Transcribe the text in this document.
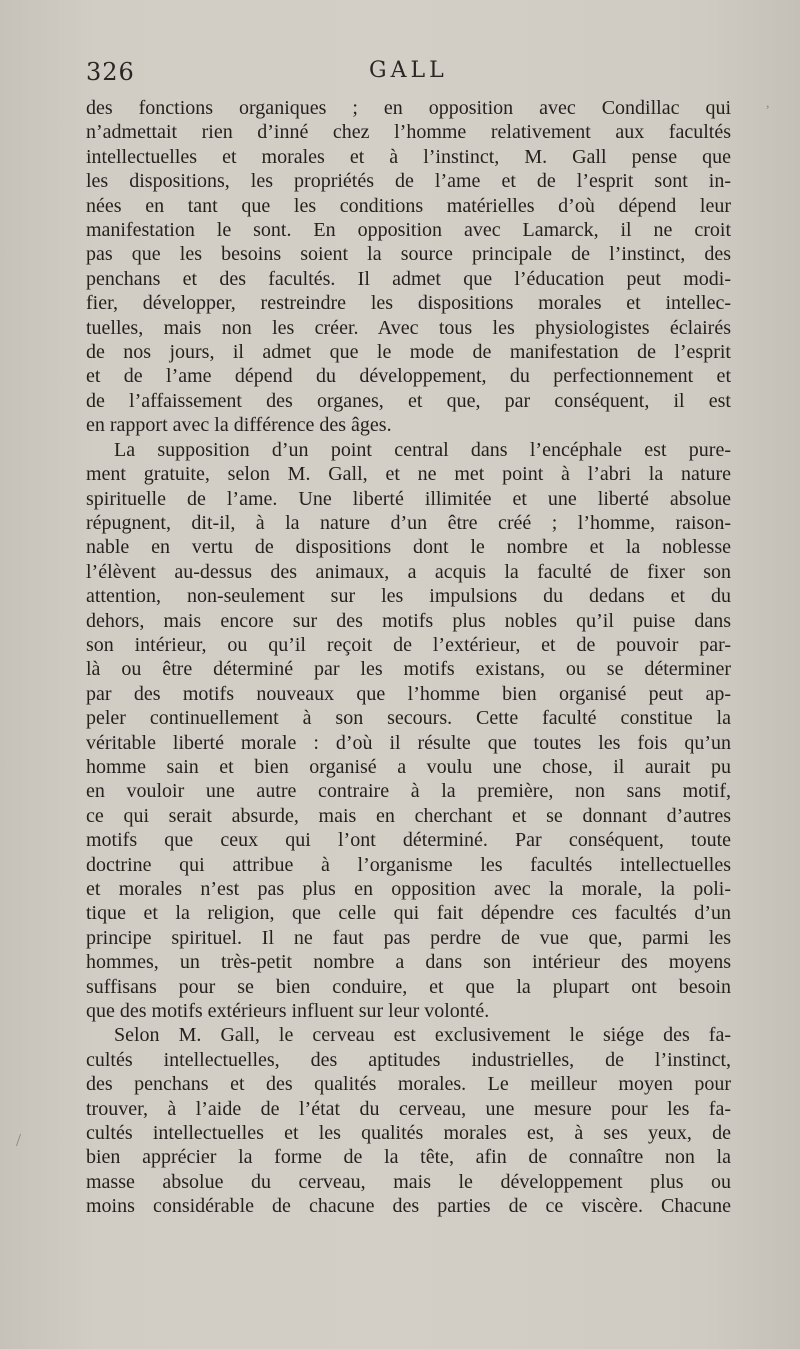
326	GALL
des fonctions organiques ; en opposition avec Condillac qui
n’admettait rien d’inné chez l’homme relativement aux facultés
intellectuelles et morales et à l’instinct, M. Gall pense que
les dispositions, les propriétés de l’ame et de l’esprit sont in-
nées en tant que les conditions matérielles d’où dépend leur
manifestation le sont. En opposition avec Lamarck, il ne croit
pas que les besoins soient la source principale de l’instinct, des
penchans et des facultés. Il admet que l’éducation peut modi-
fier, développer, restreindre les dispositions morales et intellec-
tuelles, mais non les créer. Avec tous les physiologistes éclairés
de nos jours, il admet que le mode de manifestation de l’esprit
et de l’ame dépend du développement, du perfectionnement et
de l’affaissement des organes, et que, par conséquent, il est
en rapport avec la différence des âges.
La supposition d’un point central dans l’encéphale est pure-
ment gratuite, selon M. Gall, et ne met point à l’abri la nature
spirituelle de l’ame. Une liberté illimitée et une liberté absolue
répugnent, dit-il, à la nature d’un être créé ; l’homme, raison-
nable en vertu de dispositions dont le nombre et la noblesse
l’élèvent au-dessus des animaux, a acquis la faculté de fixer son
attention, non-seulement sur les impulsions du dedans et du
dehors, mais encore sur des motifs plus nobles qu’il puise dans
son intérieur, ou qu’il reçoit de l’extérieur, et de pouvoir par-
là ou être déterminé par les motifs existans, ou se déterminer
par des motifs nouveaux que l’homme bien organisé peut ap-
peler continuellement à son secours. Cette faculté constitue la
véritable liberté morale : d’où il résulte que toutes les fois qu’un
homme sain et bien organisé a voulu une chose, il aurait pu
en vouloir une autre contraire à la première, non sans motif,
ce qui serait absurde, mais en cherchant et se donnant d’autres
motifs que ceux qui l’ont déterminé. Par conséquent, toute
doctrine qui attribue à l’organisme les facultés intellectuelles
et morales n’est pas plus en opposition avec la morale, la poli-
tique et la religion, que celle qui fait dépendre ces facultés d’un
principe spirituel. Il ne faut pas perdre de vue que, parmi les
hommes, un très-petit nombre a dans son intérieur des moyens
suffisans pour se bien conduire, et que la plupart ont besoin
que des motifs extérieurs influent sur leur volonté.
Selon M. Gall, le cerveau est exclusivement le siége des fa-
cultés intellectuelles, des aptitudes industrielles, de l’instinct,
des penchans et des qualités morales. Le meilleur moyen pour
trouver, à l’aide de l’état du cerveau, une mesure pour les fa-
cultés intellectuelles et les qualités morales est, à ses yeux, de
bien apprécier la forme de la tête, afin de connaître non la
masse absolue du cerveau, mais le développement plus ou
moins considérable de chacune des parties de ce viscère. Chacune
,
/
